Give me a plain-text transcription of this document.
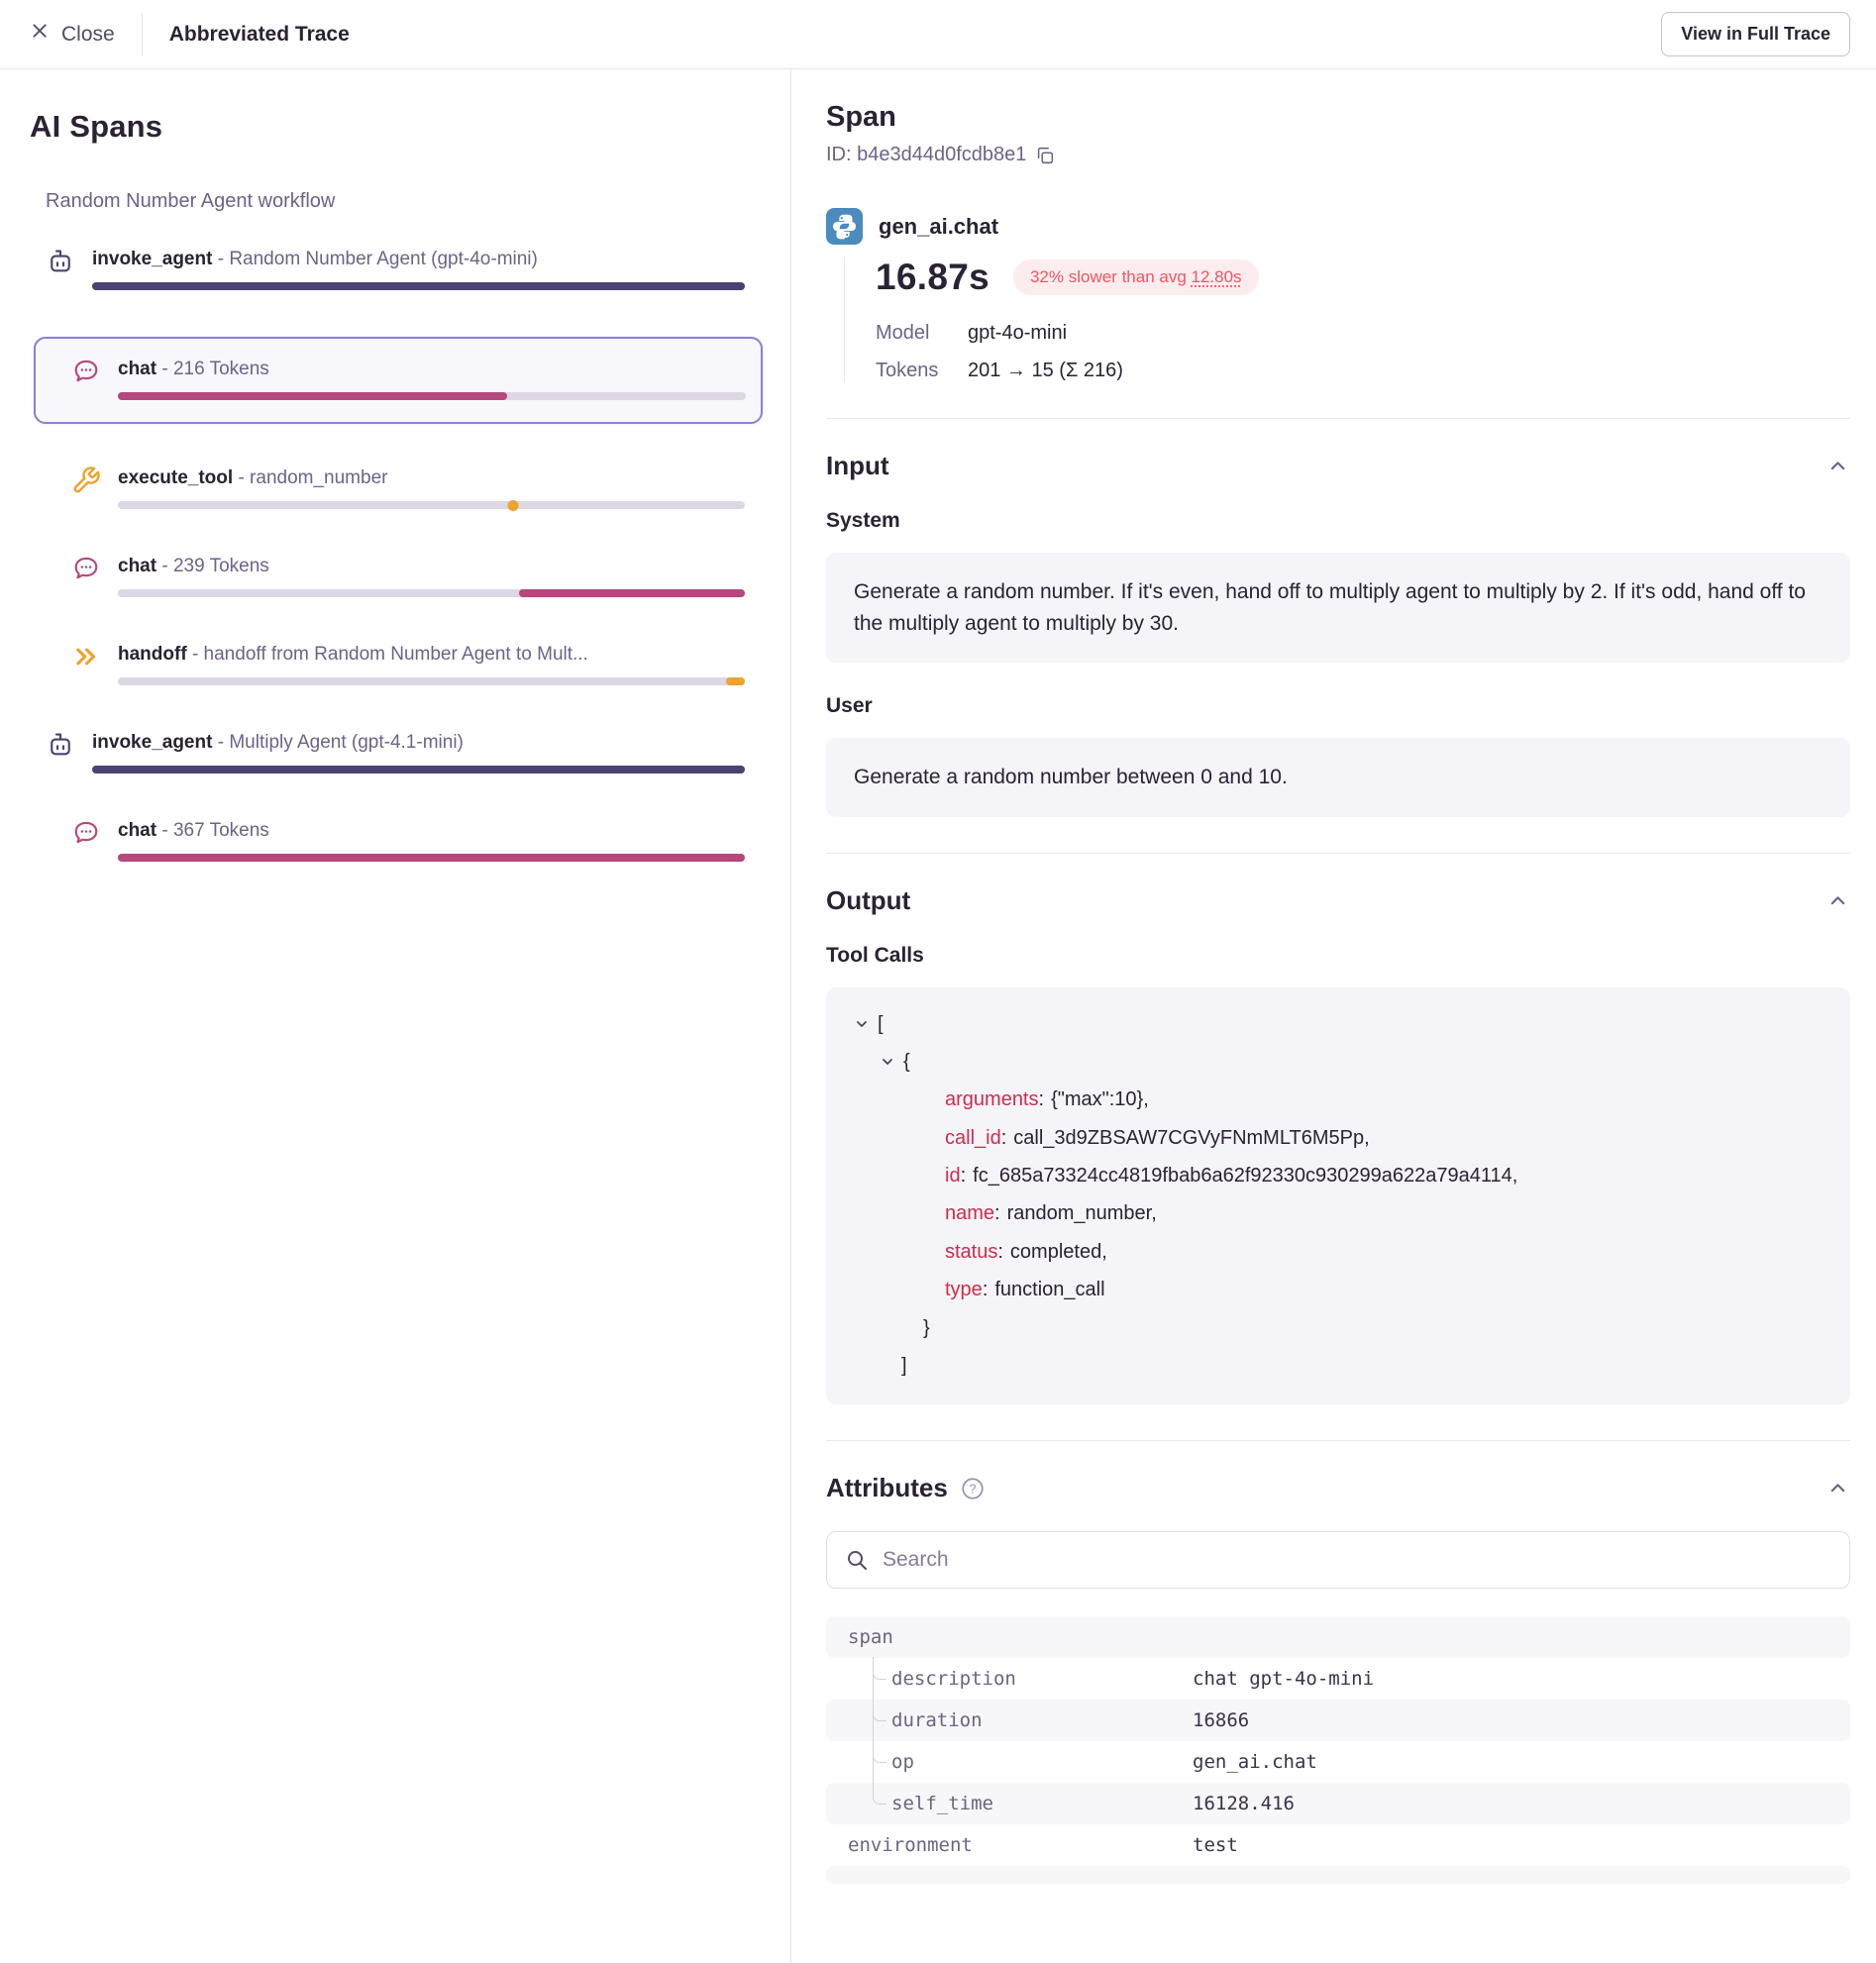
Close	Abbreviated Trace	View in Full Trace
AI Spans
Random Number Agent workflow
invoke_agent - Random Number Agent (gpt-4o-mini)
chat - 216 Tokens
execute_tool - random_number
chat - 239 Tokens
handoff - handoff from Random Number Agent to Mult...
invoke_agent - Multiply Agent (gpt-4.1-mini)
chat - 367 Tokens
Span
ID: b4e3d44d0fcdb8e1
gen_ai.chat
16.87s	32% slower than avg 12.80s
Model	gpt-4o-mini
Tokens	201 → 15 (Σ 216)
Input
System
Generate a random number. If it's even, hand off to multiply agent to multiply by 2. If it's odd, hand off to the multiply agent to multiply by 30.
User
Generate a random number between 0 and 10.
Output
Tool Calls
[
{
arguments : {"max":10},
call_id : call_3d9ZBSAW7CGVyFNmMLT6M5Pp,
id : fc_685a73324cc4819fbab6a62f92330c930299a622a79a4114,
name : random_number,
status : completed,
type : function_call
}
]
Attributes ?
Search
span
description	chat gpt-4o-mini
duration	16866
op	gen_ai.chat
self_time	16128.416
environment	test
